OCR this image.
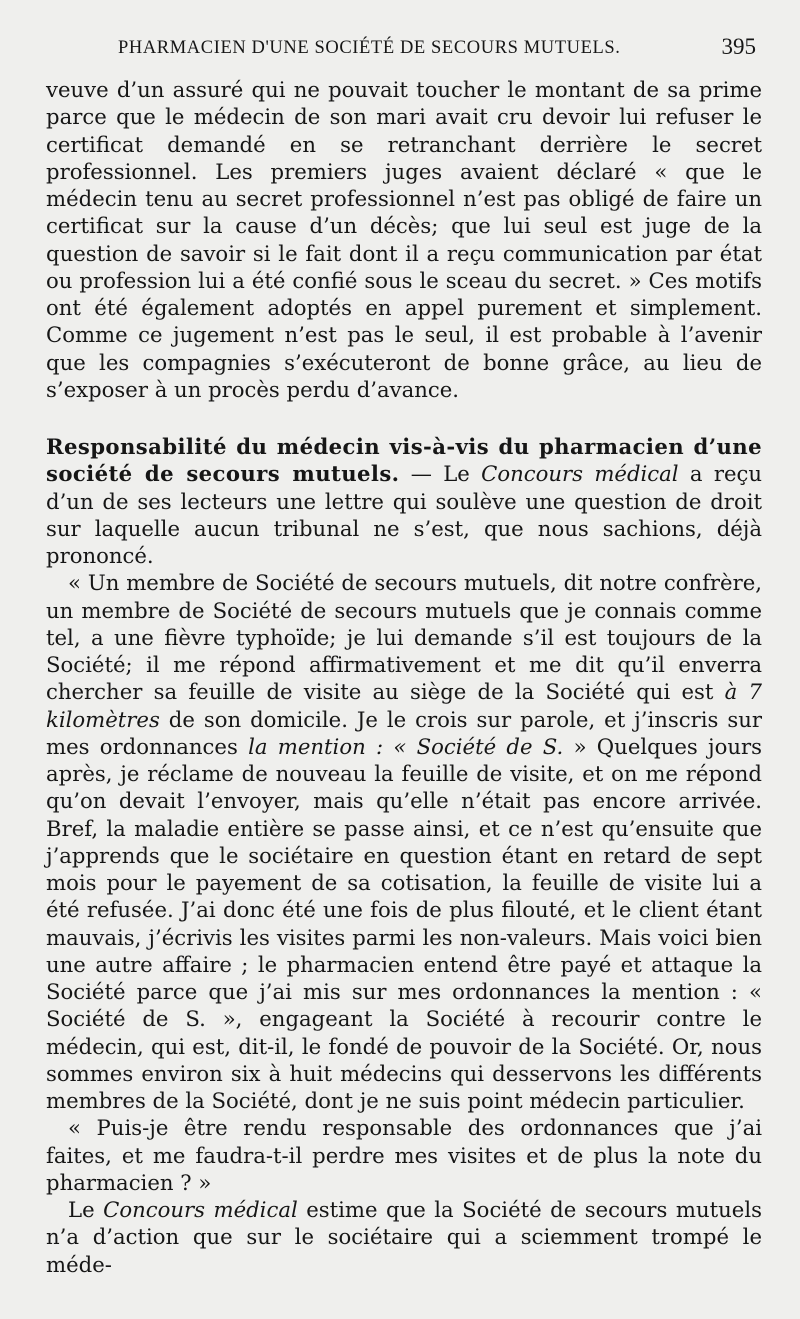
PHARMACIEN D'UNE SOCIÉTÉ DE SECOURS MUTUELS.	395

veuve d’un assuré qui ne pouvait toucher le montant de sa prime parce que le médecin de son mari avait cru devoir lui refuser le certificat demandé en se retranchant derrière le secret professionnel. Les premiers juges avaient déclaré « que le médecin tenu au secret professionnel n’est pas obligé de faire un certificat sur la cause d’un décès; que lui seul est juge de la question de savoir si le fait dont il a reçu communication par état ou profession lui a été confié sous le sceau du secret. » Ces motifs ont été également adoptés en appel purement et simplement. Comme ce jugement n’est pas le seul, il est probable à l’avenir que les compagnies s’exécuteront de bonne grâce, au lieu de s’exposer à un procès perdu d’avance.

Responsabilité du médecin vis-à-vis du pharmacien d’une société de secours mutuels. — Le Concours médical a reçu d’un de ses lecteurs une lettre qui soulève une question de droit sur laquelle aucun tribunal ne s’est, que nous sachions, déjà prononcé.

« Un membre de Société de secours mutuels, dit notre confrère, un membre de Société de secours mutuels que je connais comme tel, a une fièvre typhoïde; je lui demande s’il est toujours de la Société; il me répond affirmativement et me dit qu’il enverra chercher sa feuille de visite au siège de la Société qui est à 7 kilomètres de son domicile. Je le crois sur parole, et j’inscris sur mes ordonnances la mention : « Société de S. » Quelques jours après, je réclame de nouveau la feuille de visite, et on me répond qu’on devait l’envoyer, mais qu’elle n’était pas encore arrivée. Bref, la maladie entière se passe ainsi, et ce n’est qu’ensuite que j’apprends que le sociétaire en question étant en retard de sept mois pour le payement de sa cotisation, la feuille de visite lui a été refusée. J’ai donc été une fois de plus filouté, et le client étant mauvais, j’écrivis les visites parmi les non-valeurs. Mais voici bien une autre affaire ; le pharmacien entend être payé et attaque la Société parce que j’ai mis sur mes ordonnances la mention : « Société de S. », engageant la Société à recourir contre le médecin, qui est, dit-il, le fondé de pouvoir de la Société. Or, nous sommes environ six à huit médecins qui desservons les différents membres de la Société, dont je ne suis point médecin particulier.

« Puis-je être rendu responsable des ordonnances que j’ai faites, et me faudra-t-il perdre mes visites et de plus la note du pharmacien ? »

Le Concours médical estime que la Société de secours mutuels n’a d’action que sur le sociétaire qui a sciemment trompé le méde-
